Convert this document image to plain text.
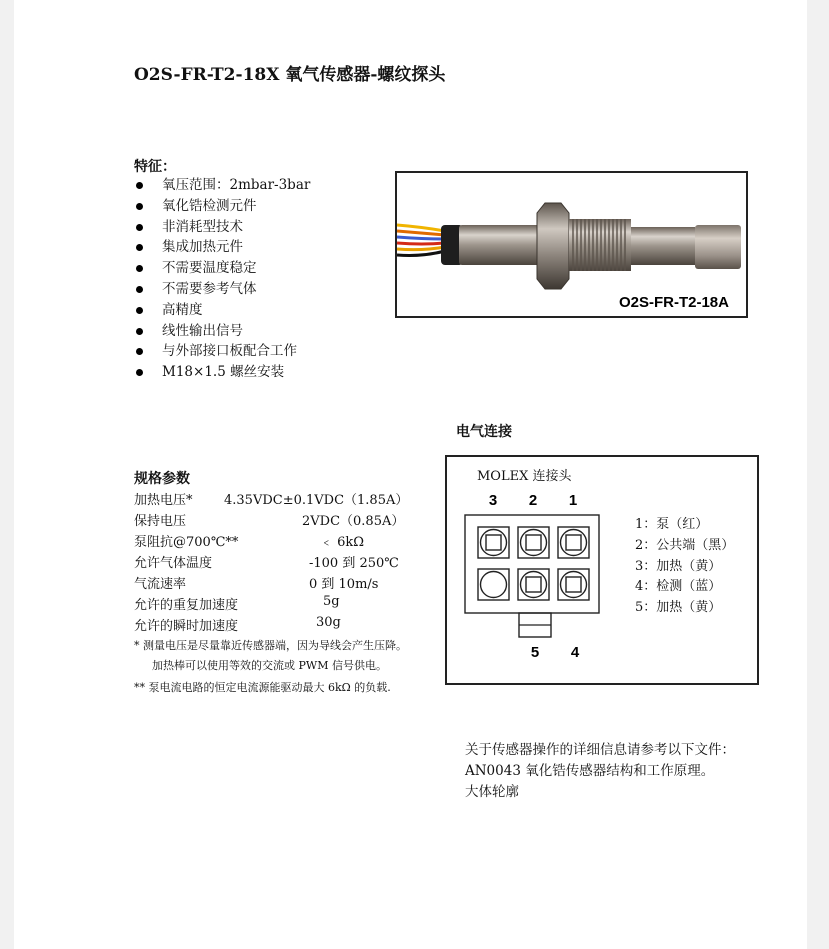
O2S-FR-T2-18X 氧气传感器-螺纹探头
特征：
氧压范围：2mbar-3bar
氧化锆检测元件
非消耗型技术
集成加热元件
不需要温度稳定
不需要参考气体
高精度
线性输出信号
与外部接口板配合工作
M18×1.5 螺丝安装
O2S-FR-T2-18A
电气连接
规格参数
加热电压* 4.35VDC±0.1VDC（1.85A）
保持电压	2VDC（0.85A）
泵阻抗@700℃**	﹤ 6kΩ
允许气体温度	-100 到 250℃
气流速率	0 到 10m/s
允许的重复加速度	5g
允许的瞬时加速度	30g
* 测量电压是尽量靠近传感器端，因为导线会产生压降。
加热棒可以使用等效的交流或 PWM 信号供电。
** 泵电流电路的恒定电流源能驱动最大 6kΩ 的负载.
MOLEX 连接头
3 2 1
5 4
1：泵（红）
2：公共端（黑）
3：加热（黄）
4：检测（蓝）
5：加热（黄）
关于传感器操作的详细信息请参考以下文件：
AN0043 氧化锆传感器结构和工作原理。
大体轮廓
